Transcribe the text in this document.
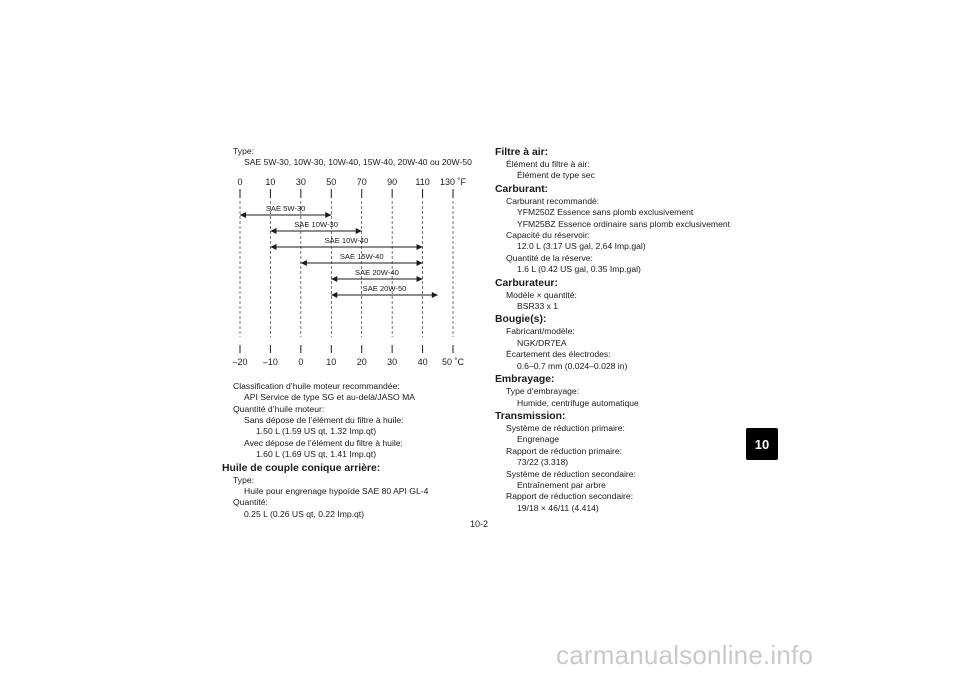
Type:
SAE 5W-30, 10W-30, 10W-40, 15W-40, 20W-40 ou 20W-50
0
–20
10
–10
30
0
50
10
70
20
90
30
110
40
130 ˚F
50 ˚C
SAE 5W-30
SAE 10W-30
SAE 10W-40
SAE 15W-40
SAE 20W-40
SAE 20W-50
Classification d’huile moteur recommandée:
API Service de type SG et au-delà/JASO MA
Quantité d’huile moteur:
Sans dépose de l’élément du filtre à huile:
1.50 L (1.59 US qt, 1.32 Imp.qt)
Avec dépose de l’élément du filtre à huile:
1.60 L (1.69 US qt, 1.41 Imp.qt)
Huile de couple conique arrière:
Type:
Huile pour engrenage hypoïde SAE 80 API GL-4
Quantité:
0.25 L (0.26 US qt, 0.22 Imp.qt)
Filtre à air:
Élément du filtre à air:
Élément de type sec
Carburant:
Carburant recommandé:
YFM250Z Essence sans plomb exclusivement
YFM25BZ Essence ordinaire sans plomb exclusivement
Capacité du réservoir:
12.0 L (3.17 US gal, 2.64 Imp.gal)
Quantité de la réserve:
1.6 L (0.42 US gal, 0.35 Imp.gal)
Carburateur:
Modèle × quantité:
BSR33 x 1
Bougie(s):
Fabricant/modèle:
NGK/DR7EA
Écartement des électrodes:
0.6–0.7 mm (0.024–0.028 in)
Embrayage:
Type d’embrayage:
Humide, centrifuge automatique
Transmission:
Système de réduction primaire:
Engrenage
Rapport de réduction primaire:
73/22 (3.318)
Système de réduction secondaire:
Entraînement par arbre
Rapport de réduction secondaire:
19/18 × 46/11 (4.414)
10
10-2
carmanualsonline.info
